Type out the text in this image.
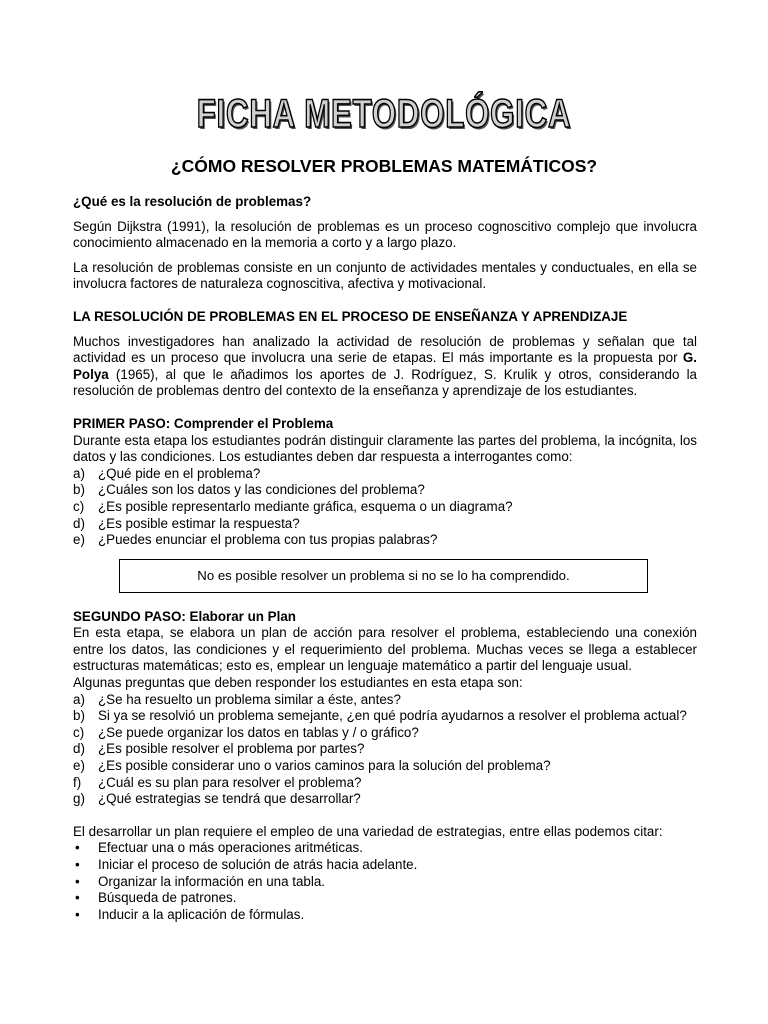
FICHA METODOLÓGICA
¿CÓMO RESOLVER PROBLEMAS MATEMÁTICOS?

¿Qué es la resolución de problemas?

Según Dijkstra (1991), la resolución de problemas es un proceso cognoscitivo complejo que involucra conocimiento almacenado en la memoria a corto y a largo plazo.

La resolución de problemas consiste en un conjunto de actividades mentales y conductuales, en ella se involucra factores de naturaleza cognoscitiva, afectiva y motivacional.

LA RESOLUCIÓN DE PROBLEMAS EN EL PROCESO DE ENSEÑANZA Y APRENDIZAJE

Muchos investigadores han analizado la actividad de resolución de problemas y señalan que tal actividad es un proceso que involucra una serie de etapas. El más importante es la propuesta por G. Polya (1965), al que le añadimos los aportes de J. Rodríguez, S. Krulik y otros, considerando la resolución de problemas dentro del contexto de la enseñanza y aprendizaje de los estudiantes.

PRIMER PASO: Comprender el Problema

Durante esta etapa los estudiantes podrán distinguir claramente las partes del problema, la incógnita, los datos y las condiciones. Los estudiantes deben dar respuesta a interrogantes como:

a) ¿Qué pide en el problema?
b) ¿Cuáles son los datos y las condiciones del problema?
c) ¿Es posible representarlo mediante gráfica, esquema o un diagrama?
d) ¿Es posible estimar la respuesta?
e) ¿Puedes enunciar el problema con tus propias palabras?
No es posible resolver un problema si no se lo ha comprendido.

SEGUNDO PASO: Elaborar un Plan

En esta etapa, se elabora un plan de acción para resolver el problema, estableciendo una conexión entre los datos, las condiciones y el requerimiento del problema. Muchas veces se llega a establecer estructuras matemáticas; esto es, emplear un lenguaje matemático a partir del lenguaje usual.

Algunas preguntas que deben responder los estudiantes en esta etapa son:

a) ¿Se ha resuelto un problema similar a éste, antes?
b) Si ya se resolvió un problema semejante, ¿en qué podría ayudarnos a resolver el problema actual?
c) ¿Se puede organizar los datos en tablas y / o gráfico?
d) ¿Es posible resolver el problema por partes?
e) ¿Es posible considerar uno o varios caminos para la solución del problema?
f) ¿Cuál es su plan para resolver el problema?
g) ¿Qué estrategias se tendrá que desarrollar?

El desarrollar un plan requiere el empleo de una variedad de estrategias, entre ellas podemos citar:

• Efectuar una o más operaciones aritméticas.
• Iniciar el proceso de solución de atrás hacia adelante.
• Organizar la información en una tabla.
• Búsqueda de patrones.
• Inducir a la aplicación de fórmulas.
